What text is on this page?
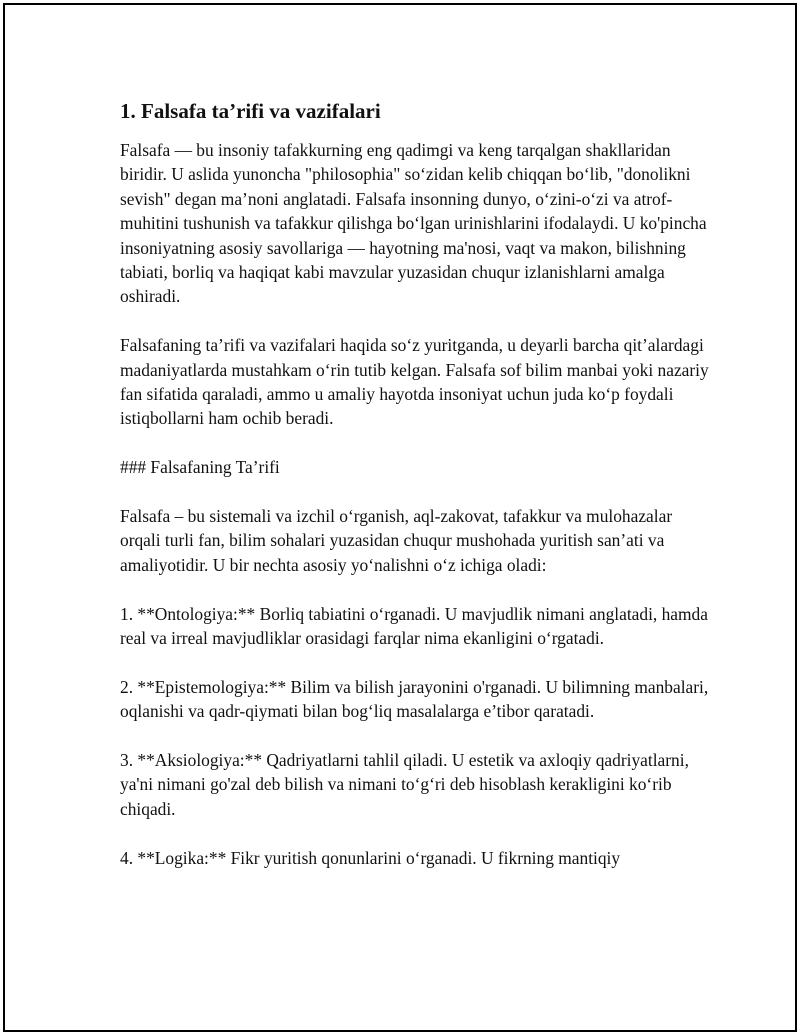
1. Falsafa ta’rifi va vazifalari

Falsafa — bu insoniy tafakkurning eng qadimgi va keng tarqalgan shakllaridan biridir. U aslida yunoncha "philosophia" so‘zidan kelib chiqqan bo‘lib, "donolikni sevish" degan ma’noni anglatadi. Falsafa insonning dunyo, o‘zini-o‘zi va atrof-muhitini tushunish va tafakkur qilishga bo‘lgan urinishlarini ifodalaydi. U ko'pincha insoniyatning asosiy savollariga — hayotning ma'nosi, vaqt va makon, bilishning tabiati, borliq va haqiqat kabi mavzular yuzasidan chuqur izlanishlarni amalga oshiradi.

Falsafaning ta’rifi va vazifalari haqida so‘z yuritganda, u deyarli barcha qit’alardagi madaniyatlarda mustahkam o‘rin tutib kelgan. Falsafa sof bilim manbai yoki nazariy fan sifatida qaraladi, ammo u amaliy hayotda insoniyat uchun juda ko‘p foydali istiqbollarni ham ochib beradi.

### Falsafaning Ta’rifi

Falsafa – bu sistemali va izchil o‘rganish, aql-zakovat, tafakkur va mulohazalar orqali turli fan, bilim sohalari yuzasidan chuqur mushohada yuritish san’ati va amaliyotidir. U bir nechta asosiy yo‘nalishni o‘z ichiga oladi:

1. **Ontologiya:** Borliq tabiatini o‘rganadi. U mavjudlik nimani anglatadi, hamda real va irreal mavjudliklar orasidagi farqlar nima ekanligini o‘rgatadi.

2. **Epistemologiya:** Bilim va bilish jarayonini o'rganadi. U bilimning manbalari, oqlanishi va qadr-qiymati bilan bog‘liq masalalarga e’tibor qaratadi.

3. **Aksiologiya:** Qadriyatlarni tahlil qiladi. U estetik va axloqiy qadriyatlarni, ya'ni nimani go'zal deb bilish va nimani to‘g‘ri deb hisoblash kerakligini ko‘rib chiqadi.

4. **Logika:** Fikr yuritish qonunlarini o‘rganadi. U fikrning mantiqiy
